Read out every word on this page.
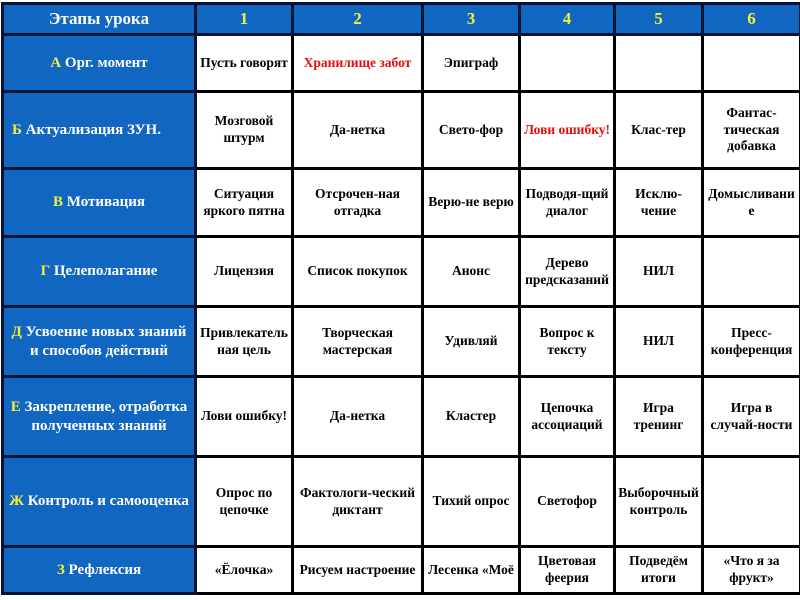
Этапы урока	1	2	3	4	5	6
А Орг. момент	Пусть говорят	Хранилище забот	Эпиграф			
Б Актуализация ЗУН.	Мозговой штурм	Да-нетка	Свето-фор	Лови ошибку!	Клас-тер	Фантас-тическая добавка
В Мотивация	Ситуация яркого пятна	Отсрочен-ная отгадка	Верю-не верю	Подводя-щий диалог	Исклю-чение	Домысливание
Г Целеполагание	Лицензия	Список покупок	Анонс	Дерево предсказаний	НИЛ	
Д Усвоение новых знаний и способов действий	Привлекательная цель	Творческая мастерская	Удивляй	Вопрос к тексту	НИЛ	Пресс-конференция
Е Закрепление, отработка полученных знаний	Лови ошибку!	Да-нетка	Кластер	Цепочка ассоциаций	Игра тренинг	Игра в случай-ности
Ж Контроль и самооценка	Опрос по цепочке	Фактологи-ческий диктант	Тихий опрос	Светофор	Выборочный контроль	
З Рефлексия	«Ёлочка»	Рисуем настроение	Лесенка «Моё	Цветовая феерия	Подведём итоги	«Что я за фрукт»
